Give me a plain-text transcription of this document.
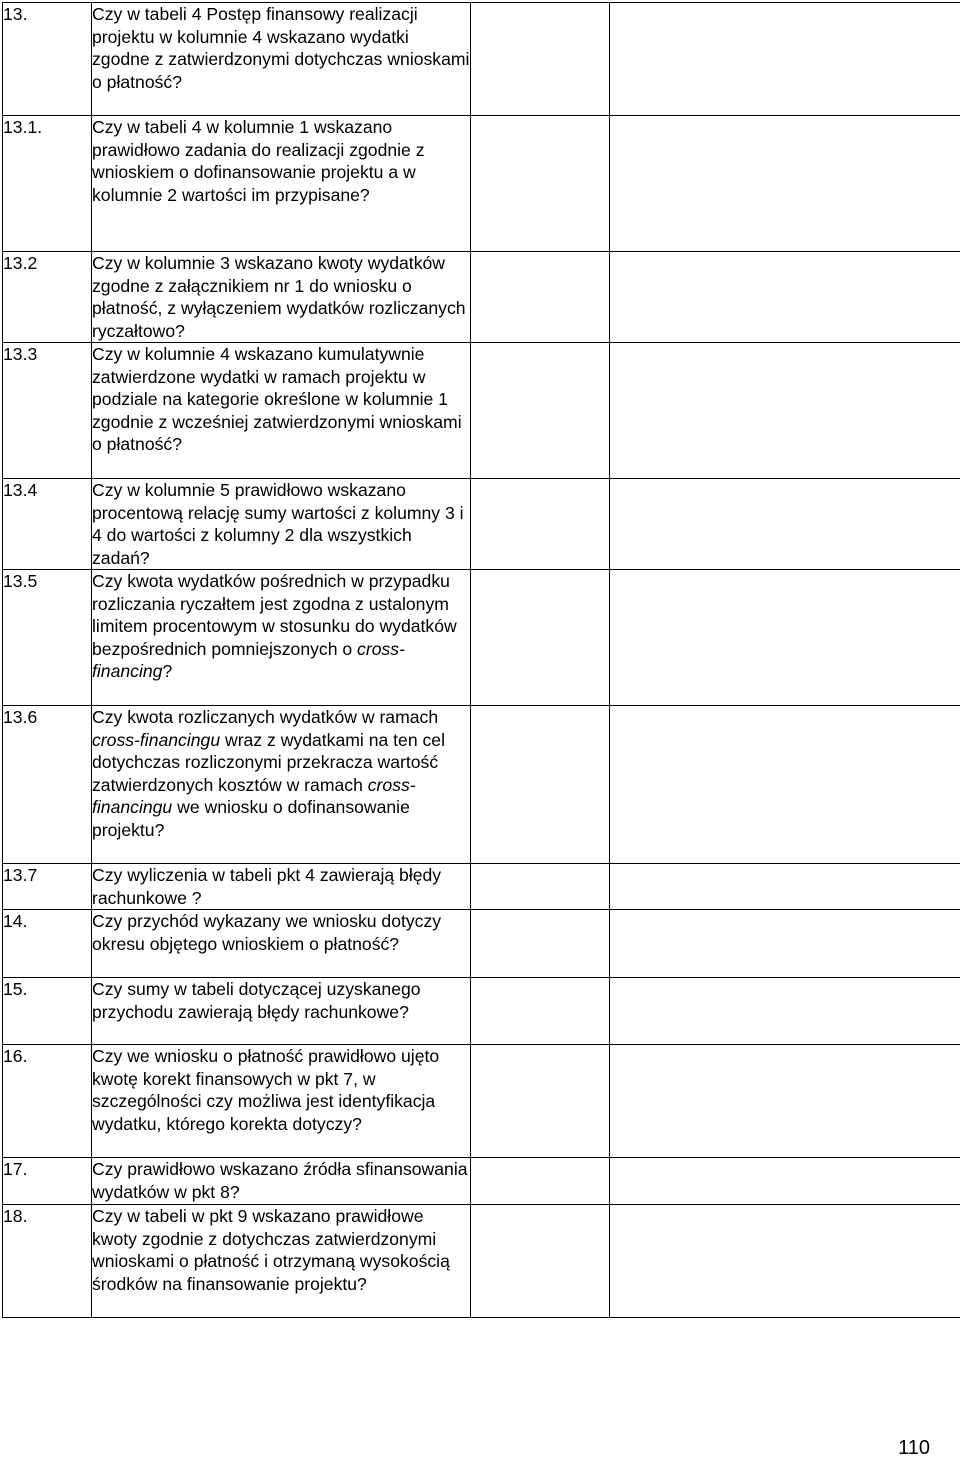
13.	Czy w tabeli 4 Postęp finansowy realizacji projektu w kolumnie 4 wskazano wydatki zgodne z zatwierdzonymi dotychczas wnioskami o płatność?		
13.1.	Czy w tabeli 4 w kolumnie 1 wskazano prawidłowo zadania do realizacji zgodnie z wnioskiem o dofinansowanie projektu a w kolumnie 2 wartości im przypisane?		
13.2	Czy w kolumnie 3 wskazano kwoty wydatków zgodne z załącznikiem nr 1 do wniosku o płatność, z wyłączeniem wydatków rozliczanych ryczałtowo?		
13.3	Czy w kolumnie 4 wskazano kumulatywnie zatwierdzone wydatki w ramach projektu w podziale na kategorie określone w kolumnie 1 zgodnie z wcześniej zatwierdzonymi wnioskami o płatność?		
13.4	Czy w kolumnie 5 prawidłowo wskazano procentową relację sumy wartości z kolumny 3 i 4 do wartości z kolumny 2 dla wszystkich zadań?		
13.5	Czy kwota wydatków pośrednich w przypadku rozliczania ryczałtem jest zgodna z ustalonym limitem procentowym w stosunku do wydatków bezpośrednich pomniejszonych o cross-financing?		
13.6	Czy kwota rozliczanych wydatków w ramach cross-financingu wraz z wydatkami na ten cel dotychczas rozliczonymi przekracza wartość zatwierdzonych kosztów w ramach cross-financingu we wniosku o dofinansowanie projektu?		
13.7	Czy wyliczenia w tabeli pkt 4 zawierają błędy rachunkowe ?		
14.	Czy przychód wykazany we wniosku dotyczy okresu objętego wnioskiem o płatność?		
15.	Czy sumy w tabeli dotyczącej uzyskanego przychodu zawierają błędy rachunkowe?		
16.	Czy we wniosku o płatność prawidłowo ujęto kwotę korekt finansowych w pkt 7, w szczególności czy możliwa jest identyfikacja wydatku, którego korekta dotyczy?		
17.	Czy prawidłowo wskazano źródła sfinansowania wydatków w pkt 8?		
18.	Czy w tabeli w pkt 9 wskazano prawidłowe kwoty zgodnie z dotychczas zatwierdzonymi wnioskami o płatność i otrzymaną wysokością środków na finansowanie projektu?		
110
